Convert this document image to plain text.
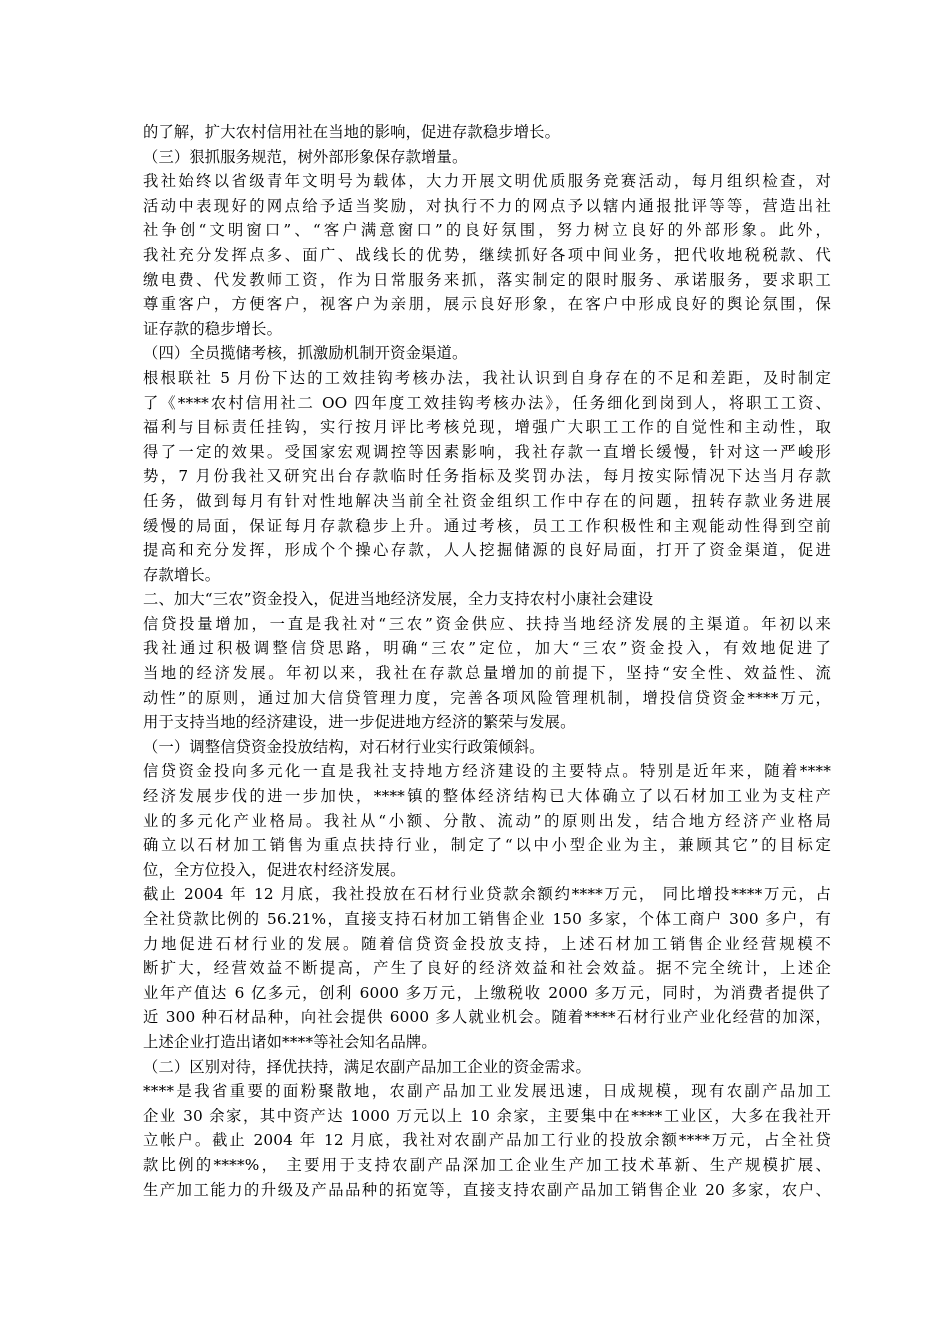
的了解，扩大农村信用社在当地的影响，促进存款稳步增长。
（三）狠抓服务规范，树外部形象保存款增量。
我社始终以省级青年文明号为载体，大力开展文明优质服务竞赛活动，每月组织检查，对
活动中表现好的网点给予适当奖励，对执行不力的网点予以辖内通报批评等等，营造出社
社争创“文明窗口”、“客户满意窗口”的良好氛围，努力树立良好的外部形象。此外，
我社充分发挥点多、面广、战线长的优势，继续抓好各项中间业务，把代收地税税款、代
缴电费、代发教师工资，作为日常服务来抓，落实制定的限时服务、承诺服务，要求职工
尊重客户，方便客户，视客户为亲朋，展示良好形象，在客户中形成良好的舆论氛围，保
证存款的稳步增长。
（四）全员揽储考核，抓激励机制开资金渠道。
根根联社 5 月份下达的工效挂钩考核办法，我社认识到自身存在的不足和差距，及时制定
了《****农村信用社二 OO 四年度工效挂钩考核办法》，任务细化到岗到人，将职工工资、
福利与目标责任挂钩，实行按月评比考核兑现，增强广大职工工作的自觉性和主动性，取
得了一定的效果。受国家宏观调控等因素影响，我社存款一直增长缓慢，针对这一严峻形
势，7 月份我社又研究出台存款临时任务指标及奖罚办法，每月按实际情况下达当月存款
任务，做到每月有针对性地解决当前全社资金组织工作中存在的问题，扭转存款业务进展
缓慢的局面，保证每月存款稳步上升。通过考核，员工工作积极性和主观能动性得到空前
提高和充分发挥，形成个个操心存款，人人挖掘储源的良好局面，打开了资金渠道，促进
存款增长。
二、加大“三农”资金投入，促进当地经济发展，全力支持农村小康社会建设
信贷投量增加，一直是我社对“三农”资金供应、扶持当地经济发展的主渠道。年初以来
我社通过积极调整信贷思路，明确“三农”定位，加大“三农”资金投入，有效地促进了
当地的经济发展。年初以来，我社在存款总量增加的前提下，坚持“安全性、效益性、流
动性”的原则，通过加大信贷管理力度，完善各项风险管理机制，增投信贷资金****万元，
用于支持当地的经济建设，进一步促进地方经济的繁荣与发展。
（一）调整信贷资金投放结构，对石材行业实行政策倾斜。
信贷资金投向多元化一直是我社支持地方经济建设的主要特点。特别是近年来，随着****
经济发展步伐的进一步加快，****镇的整体经济结构已大体确立了以石材加工业为支柱产
业的多元化产业格局。我社从“小额、分散、流动”的原则出发，结合地方经济产业格局
确立以石材加工销售为重点扶持行业，制定了“以中小型企业为主，兼顾其它”的目标定
位，全方位投入，促进农村经济发展。
截止 2004 年 12 月底，我社投放在石材行业贷款余额约****万元， 同比增投****万元，占
全社贷款比例的 56.21%，直接支持石材加工销售企业 150 多家，个体工商户 300 多户，有
力地促进石材行业的发展。随着信贷资金投放支持，上述石材加工销售企业经营规模不
断扩大，经营效益不断提高，产生了良好的经济效益和社会效益。据不完全统计，上述企
业年产值达 6 亿多元，创利 6000 多万元，上缴税收 2000 多万元，同时，为消费者提供了
近 300 种石材品种，向社会提供 6000 多人就业机会。随着****石材行业产业化经营的加深，
上述企业打造出诸如****等社会知名品牌。
（二）区别对待，择优扶持，满足农副产品加工企业的资金需求。
****是我省重要的面粉聚散地，农副产品加工业发展迅速，日成规模，现有农副产品加工
企业 30 余家，其中资产达 1000 万元以上 10 余家，主要集中在****工业区，大多在我社开
立帐户。截止 2004 年 12 月底，我社对农副产品加工行业的投放余额****万元，占全社贷
款比例的****%， 主要用于支持农副产品深加工企业生产加工技术革新、生产规模扩展、
生产加工能力的升级及产品品种的拓宽等，直接支持农副产品加工销售企业 20 多家，农户、
